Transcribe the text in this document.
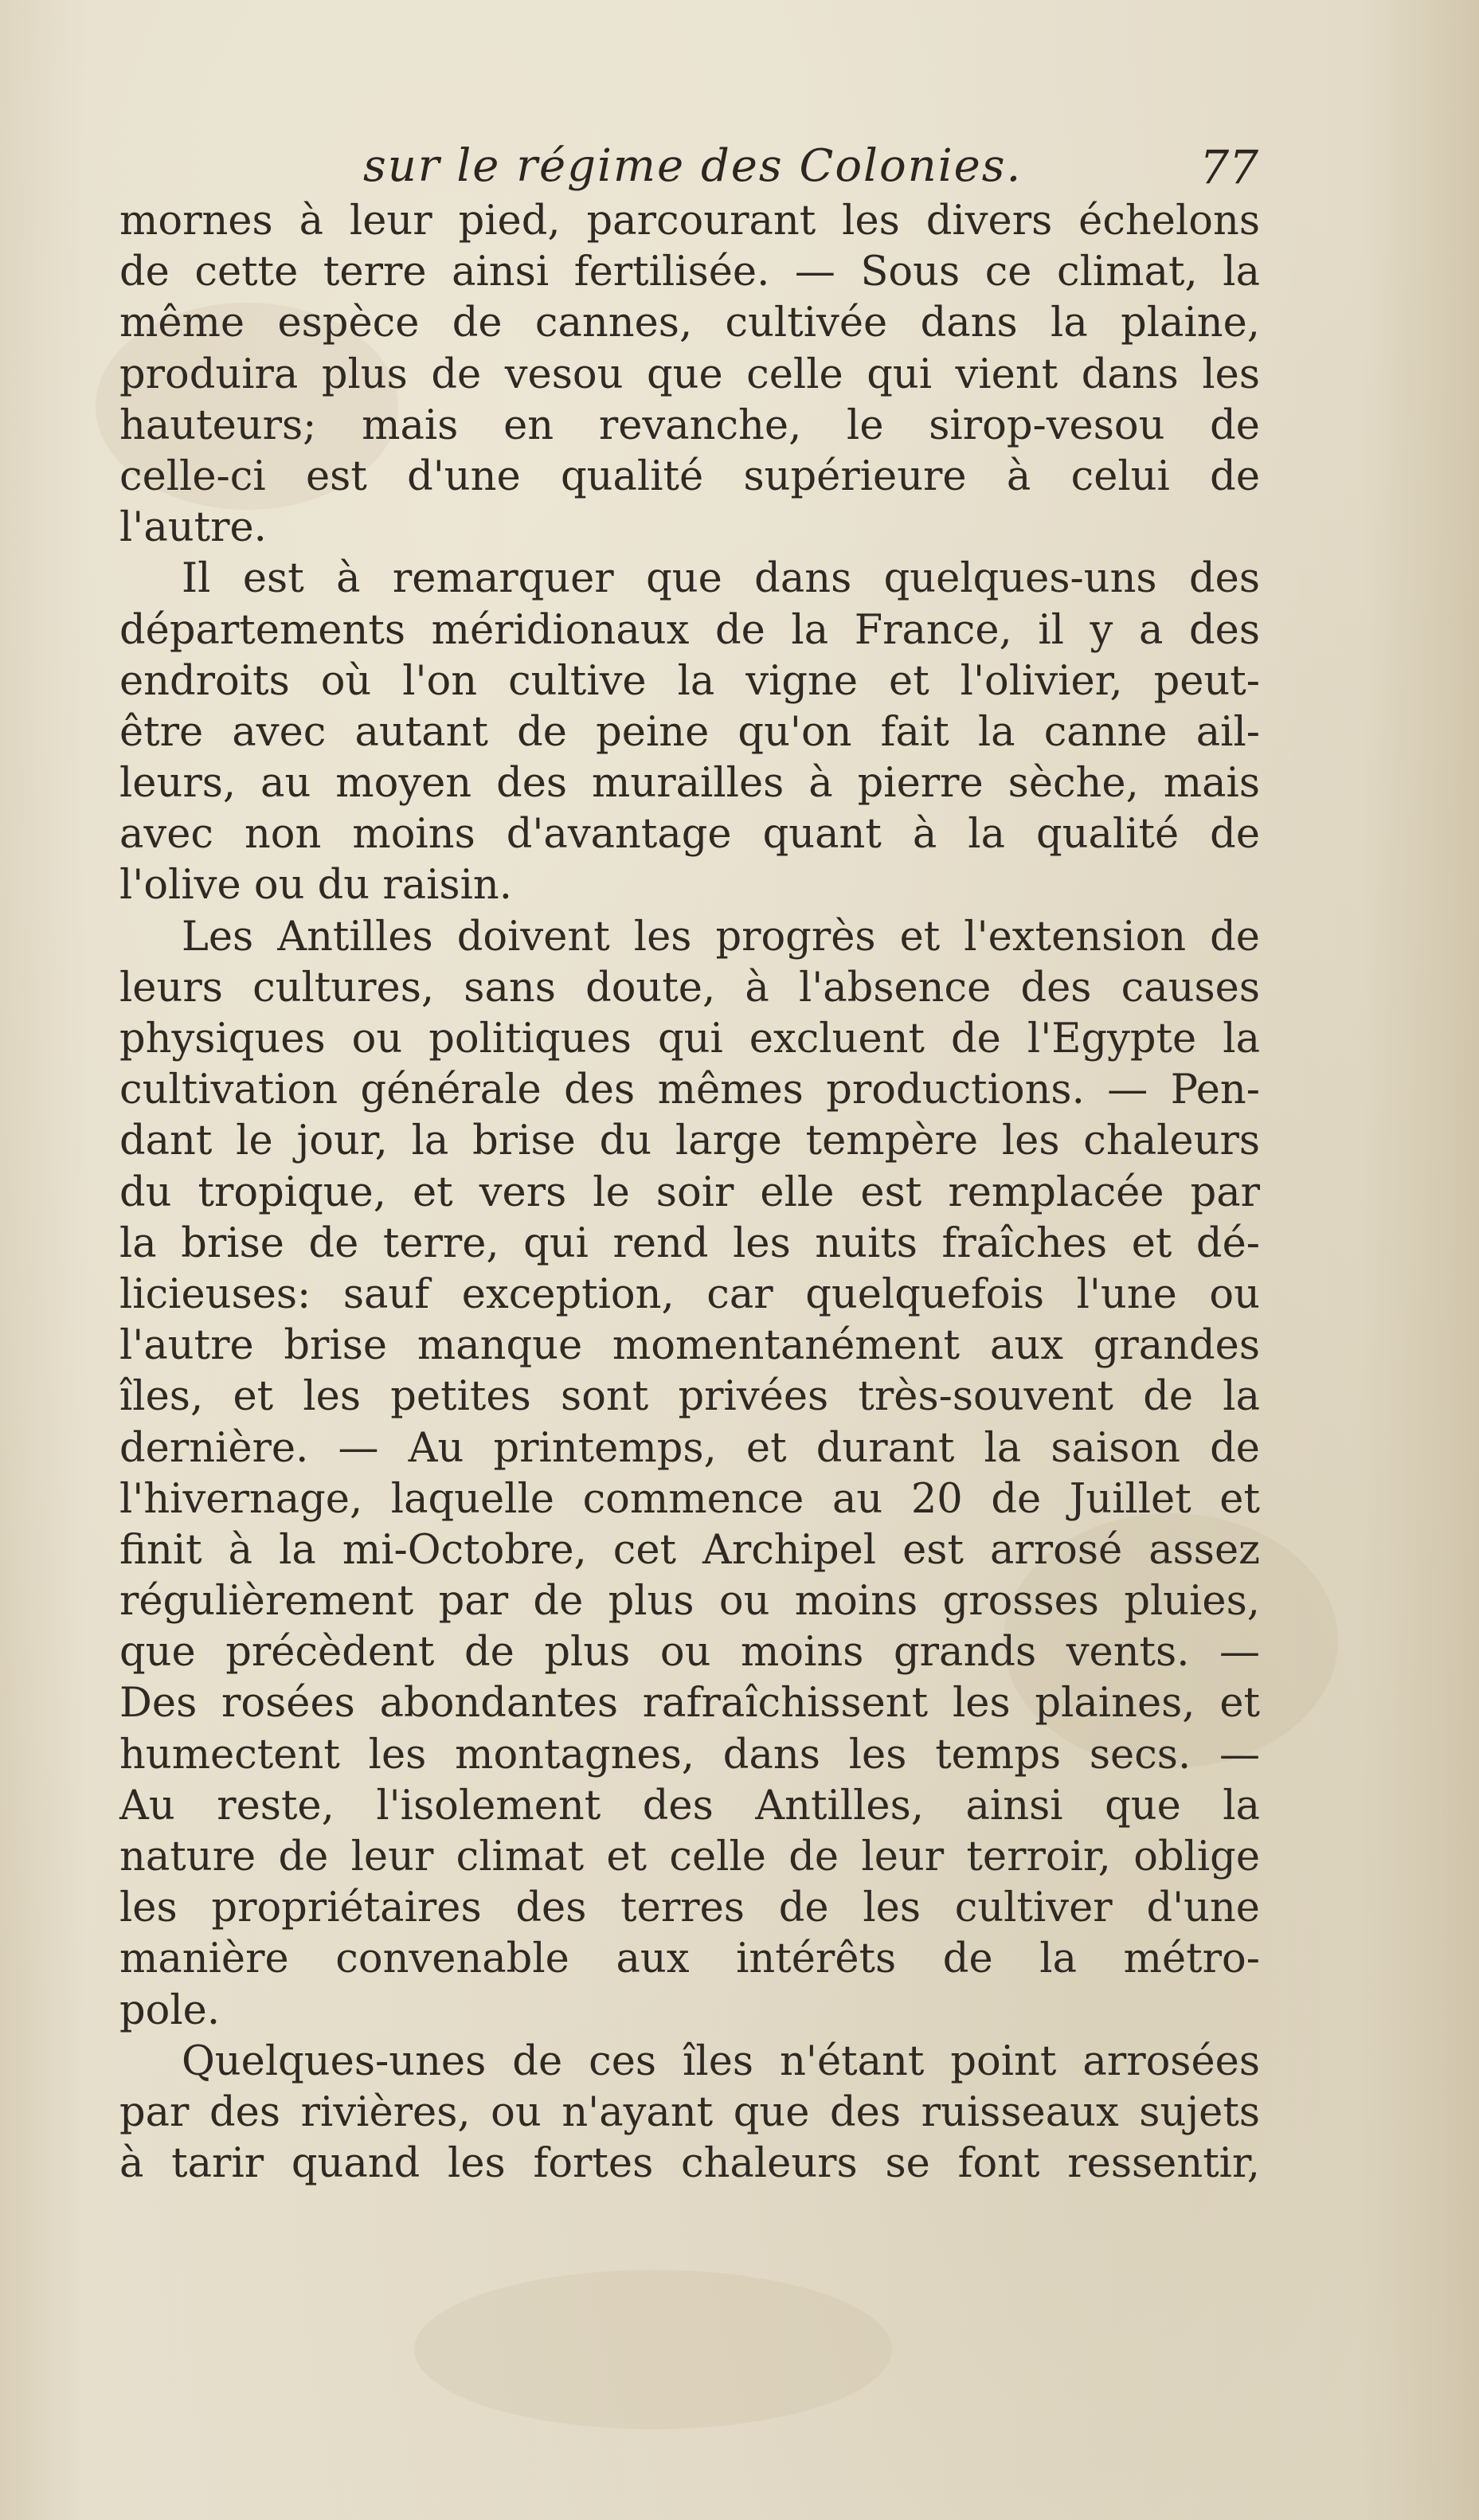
sur le régime des Colonies.	77
mornes à leur pied, parcourant les divers échelons
de cette terre ainsi fertilisée. — Sous ce climat, la
même espèce de cannes, cultivée dans la plaine,
produira plus de vesou que celle qui vient dans les
hauteurs; mais en revanche, le sirop-vesou de
celle-ci est d'une qualité supérieure à celui de
l'autre.
Il est à remarquer que dans quelques-uns des
départements méridionaux de la France, il y a des
endroits où l'on cultive la vigne et l'olivier, peut-
être avec autant de peine qu'on fait la canne ail-
leurs, au moyen des murailles à pierre sèche, mais
avec non moins d'avantage quant à la qualité de
l'olive ou du raisin.
Les Antilles doivent les progrès et l'extension de
leurs cultures, sans doute, à l'absence des causes
physiques ou politiques qui excluent de l'Egypte la
cultivation générale des mêmes productions. — Pen-
dant le jour, la brise du large tempère les chaleurs
du tropique, et vers le soir elle est remplacée par
la brise de terre, qui rend les nuits fraîches et dé-
licieuses: sauf exception, car quelquefois l'une ou
l'autre brise manque momentanément aux grandes
îles, et les petites sont privées très-souvent de la
dernière. — Au printemps, et durant la saison de
l'hivernage, laquelle commence au 20 de Juillet et
finit à la mi-Octobre, cet Archipel est arrosé assez
régulièrement par de plus ou moins grosses pluies,
que précèdent de plus ou moins grands vents. —
Des rosées abondantes rafraîchissent les plaines, et
humectent les montagnes, dans les temps secs. —
Au reste, l'isolement des Antilles, ainsi que la
nature de leur climat et celle de leur terroir, oblige
les propriétaires des terres de les cultiver d'une
manière convenable aux intérêts de la métro-
pole.
Quelques-unes de ces îles n'étant point arrosées
par des rivières, ou n'ayant que des ruisseaux sujets
à tarir quand les fortes chaleurs se font ressentir,
